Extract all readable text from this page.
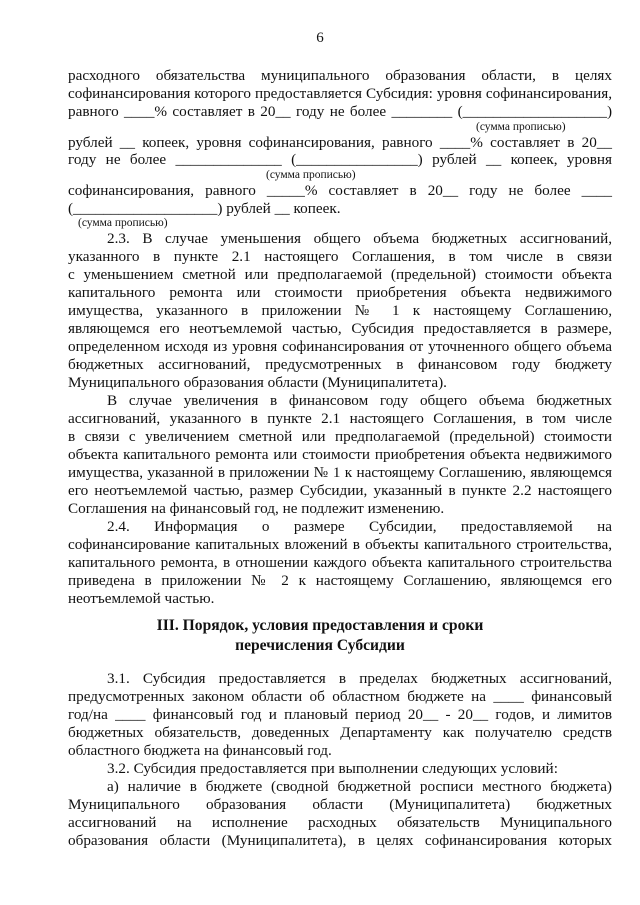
6
расходного обязательства муниципального образования области, в целях
софинансирования которого предоставляется Субсидия: уровня софинансирования,
равного ____% составляет в 20__ году не более ________ (___________________)
(сумма прописью)
рублей __ копеек, уровня софинансирования, равного ____% составляет в 20__
году не более ______________ (________________) рублей __ копеек, уровня
(сумма прописью)
софинансирования, равного _____% составляет в 20__ году не более ____
(___________________) рублей __ копеек.
(сумма прописью)
2.3. В случае уменьшения общего объема бюджетных ассигнований,
указанного в пункте 2.1 настоящего Соглашения, в том числе в связи
с уменьшением сметной или предполагаемой (предельной) стоимости объекта
капитального ремонта или стоимости приобретения объекта недвижимого
имущества, указанного в приложении № 1 к настоящему Соглашению,
являющемся его неотъемлемой частью, Субсидия предоставляется в размере,
определенном исходя из уровня софинансирования от уточненного общего объема
бюджетных ассигнований, предусмотренных в финансовом году бюджету
Муниципального образования области (Муниципалитета).
В случае увеличения в финансовом году общего объема бюджетных
ассигнований, указанного в пункте 2.1 настоящего Соглашения, в том числе
в связи с увеличением сметной или предполагаемой (предельной) стоимости
объекта капитального ремонта или стоимости приобретения объекта недвижимого
имущества, указанной в приложении № 1 к настоящему Соглашению, являющемся
его неотъемлемой частью, размер Субсидии, указанный в пункте 2.2 настоящего
Соглашения на финансовый год, не подлежит изменению.
2.4. Информация о размере Субсидии, предоставляемой на
софинансирование капитальных вложений в объекты капитального строительства,
капитального ремонта, в отношении каждого объекта капитального строительства
приведена в приложении № 2 к настоящему Соглашению, являющемся его
неотъемлемой частью.
III. Порядок, условия предоставления и сроки
перечисления Субсидии
3.1. Субсидия предоставляется в пределах бюджетных ассигнований,
предусмотренных законом области об областном бюджете на ____ финансовый
год/на ____ финансовый год и плановый период 20__ - 20__ годов, и лимитов
бюджетных обязательств, доведенных Департаменту как получателю средств
областного бюджета на финансовый год.
3.2. Субсидия предоставляется при выполнении следующих условий:
а) наличие в бюджете (сводной бюджетной росписи местного бюджета)
Муниципального образования области (Муниципалитета) бюджетных
ассигнований на исполнение расходных обязательств Муниципального
образования области (Муниципалитета), в целях софинансирования которых
